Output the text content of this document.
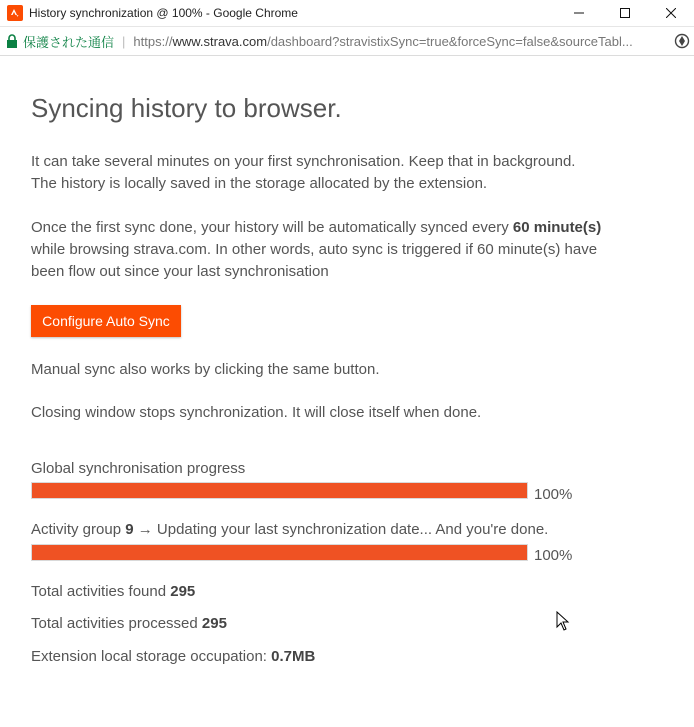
History synchronization @ 100% - Google Chrome
保護された通信 | https://www.strava.com/dashboard?stravistixSync=true&forceSync=false&sourceTabl...
Syncing history to browser.
It can take several minutes on your first synchronisation. Keep that in background.
The history is locally saved in the storage allocated by the extension.
Once the first sync done, your history will be automatically synced every 60 minute(s) while browsing strava.com. In other words, auto sync is triggered if 60 minute(s) have been flow out since your last synchronisation
Configure Auto Sync
Manual sync also works by clicking the same button.
Closing window stops synchronization. It will close itself when done.
Global synchronisation progress
100%
Activity group 9 → Updating your last synchronization date... And you're done.
100%
Total activities found 295
Total activities processed 295
Extension local storage occupation: 0.7MB
